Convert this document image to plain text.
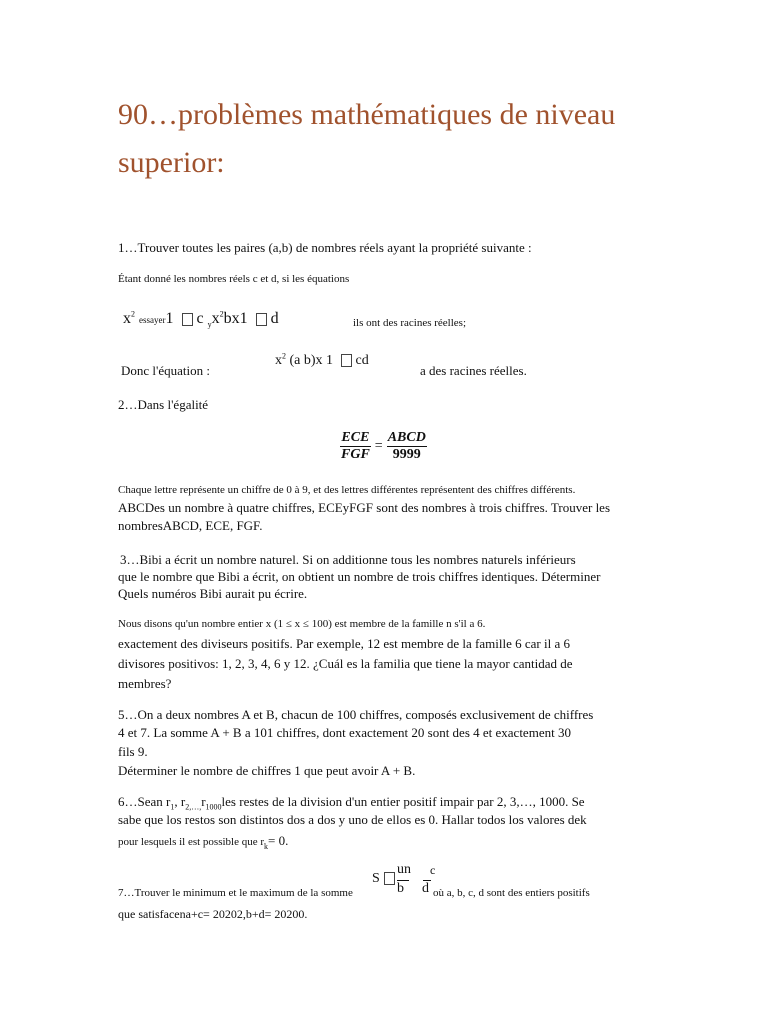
90…problèmes mathématiques de niveau
superior:
1…Trouver toutes les paires (a,b) de nombres réels ayant la propriété suivante :
Étant donné les nombres réels c et d, si les équations
$x^2$ essayer1 c $_yx^2bx1$ d	ils ont des racines réelles;
Donc l'équation :
$x^2$ (a b)x 1 cd
a des racines réelles.
2…Dans l'égalité
$\frac{\text{ECE}}{\text{FGF}} = \frac{\text{ABCD}}{9999}$
Chaque lettre représente un chiffre de 0 à 9, et des lettres différentes représentent des chiffres différents.
ABCDes un nombre à quatre chiffres, ECEyFGF sont des nombres à trois chiffres. Trouver les
nombresABCD, ECE, FGF.
3…Bibi a écrit un nombre naturel. Si on additionne tous les nombres naturels inférieurs
que le nombre que Bibi a écrit, on obtient un nombre de trois chiffres identiques. Déterminer
Quels numéros Bibi aurait pu écrire.
Nous disons qu'un nombre entier x (1 ≤ x ≤ 100) est membre de la famille n s'il a 6.
exactement des diviseurs positifs. Par exemple, 12 est membre de la famille 6 car il a 6
divisores positivos: 1, 2, 3, 4, 6 y 12. ¿Cuál es la familia que tiene la mayor cantidad de
membres?
5…On a deux nombres A et B, chacun de 100 chiffres, composés exclusivement de chiffres
4 et 7. La somme A + B a 101 chiffres, dont exactement 20 sont des 4 et exactement 30
fils 9.
Déterminer le nombre de chiffres 1 que peut avoir A + B.
6…Sean $r_1$, $r_{2,\dots,}r_{1000}les$ restes de la division d'un entier positif impair par 2, 3,…, 1000. Se
sabe que los restos son distintos dos a dos y uno de ellos es 0. Hallar todos los valores dek
pour lesquels il est possible que $r_k= 0$.
S
un
b
c
d
7…Trouver le minimum et le maximum de la somme	où a, b, c, d sont des entiers positifs
que satisfacena+c= 20202,b+d= 20200.
